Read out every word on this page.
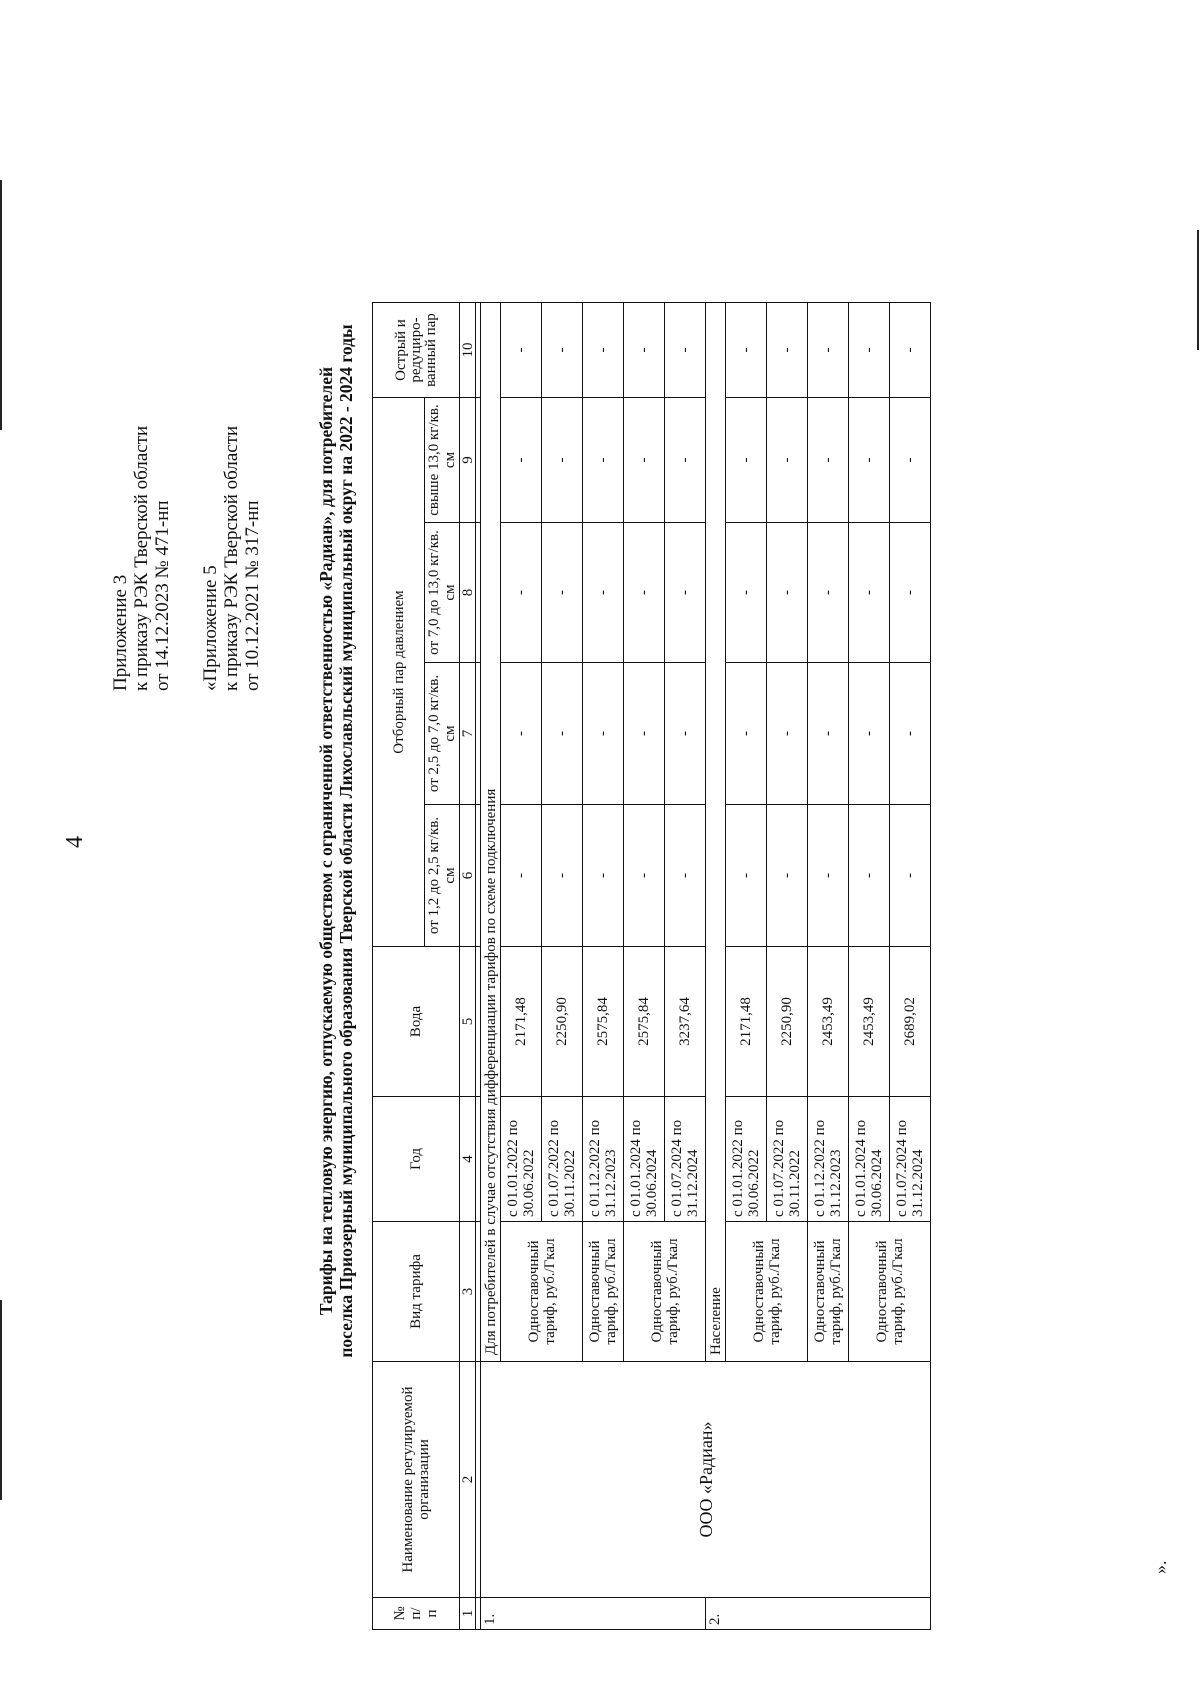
4
Приложение 3 к приказу РЭК Тверской области от 14.12.2023 № 471-нп «Приложение 5 к приказу РЭК Тверской области от 10.12.2021 № 317-нп	Тарифы на тепловую энергию, отпускаемую обществом с ограниченной ответственностью «Радиан», для потребителей поселка Приозерный муниципального образования Тверской области Лихославльский муниципальный округ на 2022 - 2024 годы
№ п/ п	Наименование регулируемой организации	Вид тарифа	Год	Вода	Отборный пар давлением				Острый и редуциро-ванный пар
					от 1,2 до 2,5 кг/кв. см	от 2,5 до 7,0 кг/кв. см	от 7,0 до 13,0 кг/кв. см	свыше 13,0 кг/кв. см	
1	2	3	4	5	6	7	8	9	10

1.	ООО «Радиан»	Для потребителей в случае отсутствия дифференциации тарифов по схеме подключения							
		Одноставочный тариф, руб./Гкал	с 01.01.2022 по 30.06.2022	2171,48	-	-	-	-	-
			с 01.07.2022 по 30.11.2022	2250,90	-	-	-	-	-
		Одноставочный тариф, руб./Гкал	с 01.12.2022 по 31.12.2023	2575,84	-	-	-	-	-
		Одноставочный тариф, руб./Гкал	с 01.01.2024 по 30.06.2024	2575,84	-	-	-	-	-
			с 01.07.2024 по 31.12.2024	3237,64	-	-	-	-	-
2.		Население							
		Одноставочный тариф, руб./Гкал	с 01.01.2022 по 30.06.2022	2171,48	-	-	-	-	-
			с 01.07.2022 по 30.11.2022	2250,90	-	-	-	-	-
		Одноставочный тариф, руб./Гкал	с 01.12.2022 по 31.12.2023	2453,49	-	-	-	-	-
		Одноставочный тариф, руб./Гкал	с 01.01.2024 по 30.06.2024	2453,49	-	-	-	-	-
			с 01.07.2024 по 31.12.2024	2689,02	-	-	-	-	-
».
